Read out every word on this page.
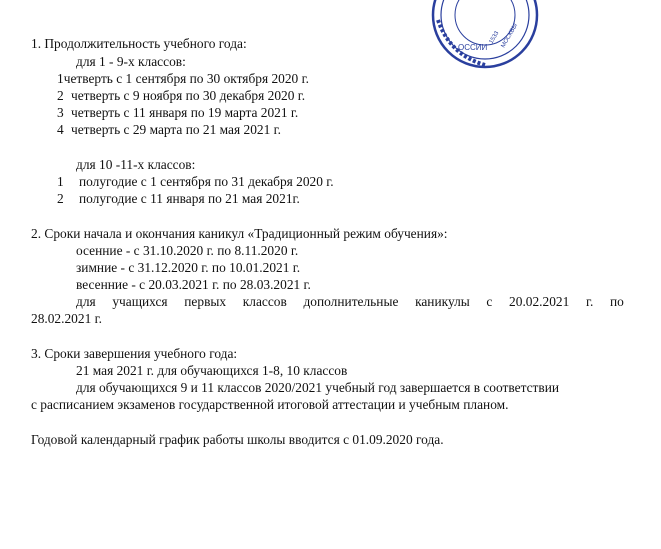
ОССИИ МОСКВЫ
1533
1. Продолжительность учебного года:
для 1 - 9-х классов:
1четверть с 1 сентября по 30 октября 2020 г.
2 четверть с 9 ноября по 30 декабря 2020 г.
3 четверть с 11 января по 19 марта 2021 г.
4 четверть с 29 марта по 21 мая 2021 г.
для 10 -11-х классов:
1 полугодие с 1 сентября по 31 декабря 2020 г.
2 полугодие с 11 января по 21 мая 2021г.
2. Сроки начала и окончания каникул «Традиционный режим обучения»:
осенние - с 31.10.2020 г. по 8.11.2020 г.
зимние - с 31.12.2020 г. по 10.01.2021 г.
весенние - с 20.03.2021 г. по 28.03.2021 г.
для учащихся первых классов дополнительные каникулы с 20.02.2021 г. по
28.02.2021 г.
3. Сроки завершения учебного года:
21 мая 2021 г. для обучающихся 1-8, 10 классов
для обучающихся 9 и 11 классов 2020/2021 учебный год завершается в соответствии
с расписанием экзаменов государственной итоговой аттестации и учебным планом.
Годовой календарный график работы школы вводится с 01.09.2020 года.
